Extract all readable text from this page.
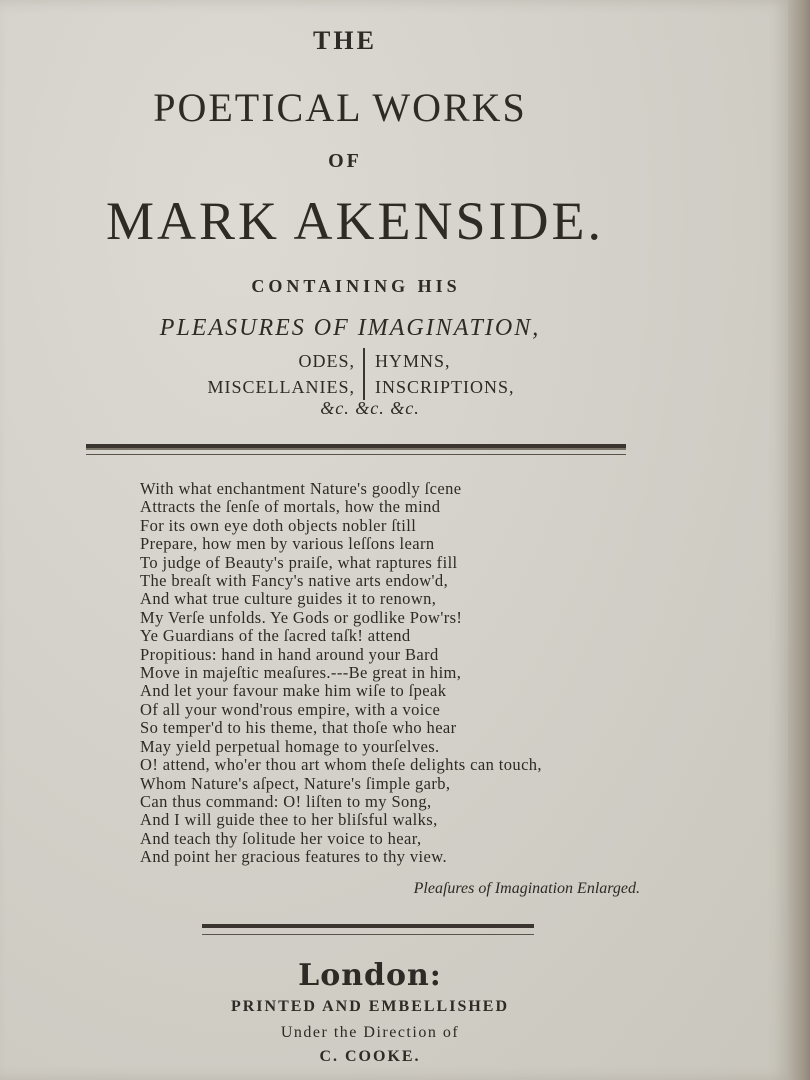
THE
POETICAL WORKS
OF
MARK AKENSIDE.
CONTAINING HIS
PLEASURES OF IMAGINATION,
ODES,
MISCELLANIES,
HYMNS,
INSCRIPTIONS,
&c. &c. &c.
With what enchantment Nature's goodly ſcene
Attracts the ſenſe of mortals, how the mind
For its own eye doth objects nobler ſtill
Prepare, how men by various leſſons learn
To judge of Beauty's praiſe, what raptures fill
The breaſt with Fancy's native arts endow'd,
And what true culture guides it to renown,
My Verſe unfolds. Ye Gods or godlike Pow'rs!
Ye Guardians of the ſacred taſk! attend
Propitious: hand in hand around your Bard
Move in majeſtic meaſures.---Be great in him,
And let your favour make him wiſe to ſpeak
Of all your wond'rous empire, with a voice
So temper'd to his theme, that thoſe who hear
May yield perpetual homage to yourſelves.
O! attend, who'er thou art whom theſe delights can touch,
Whom Nature's aſpect, Nature's ſimple garb,
Can thus command: O! liſten to my Song,
And I will guide thee to her bliſsful walks,
And teach thy ſolitude her voice to hear,
And point her gracious features to thy view.
Pleaſures of Imagination Enlarged.
London:
PRINTED AND EMBELLISHED
Under the Direction of
C. COOKE.
